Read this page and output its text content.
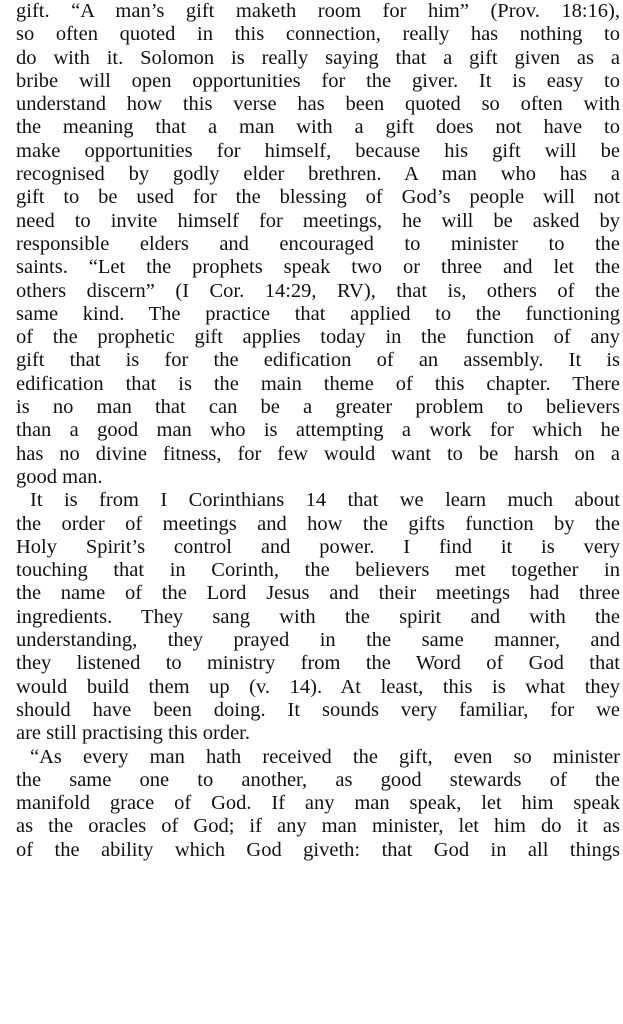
gift. “A man’s gift maketh room for him” (Prov. 18:16),
so often quoted in this connection, really has nothing to
do with it. Solomon is really saying that a gift given as a
bribe will open opportunities for the giver. It is easy to
understand how this verse has been quoted so often with
the meaning that a man with a gift does not have to
make opportunities for himself, because his gift will be
recognised by godly elder brethren. A man who has a
gift to be used for the blessing of God’s people will not
need to invite himself for meetings, he will be asked by
responsible elders and encouraged to minister to the
saints. “Let the prophets speak two or three and let the
others discern” (I Cor. 14:29, RV), that is, others of the
same kind. The practice that applied to the functioning
of the prophetic gift applies today in the function of any
gift that is for the edification of an assembly. It is
edification that is the main theme of this chapter. There
is no man that can be a greater problem to believers
than a good man who is attempting a work for which he
has no divine fitness, for few would want to be harsh on a
good man.
It is from I Corinthians 14 that we learn much about
the order of meetings and how the gifts function by the
Holy Spirit’s control and power. I find it is very
touching that in Corinth, the believers met together in
the name of the Lord Jesus and their meetings had three
ingredients. They sang with the spirit and with the
understanding, they prayed in the same manner, and
they listened to ministry from the Word of God that
would build them up (v. 14). At least, this is what they
should have been doing. It sounds very familiar, for we
are still practising this order.
“As every man hath received the gift, even so minister
the same one to another, as good stewards of the
manifold grace of God. If any man speak, let him speak
as the oracles of God; if any man minister, let him do it as
of the ability which God giveth: that God in all things
